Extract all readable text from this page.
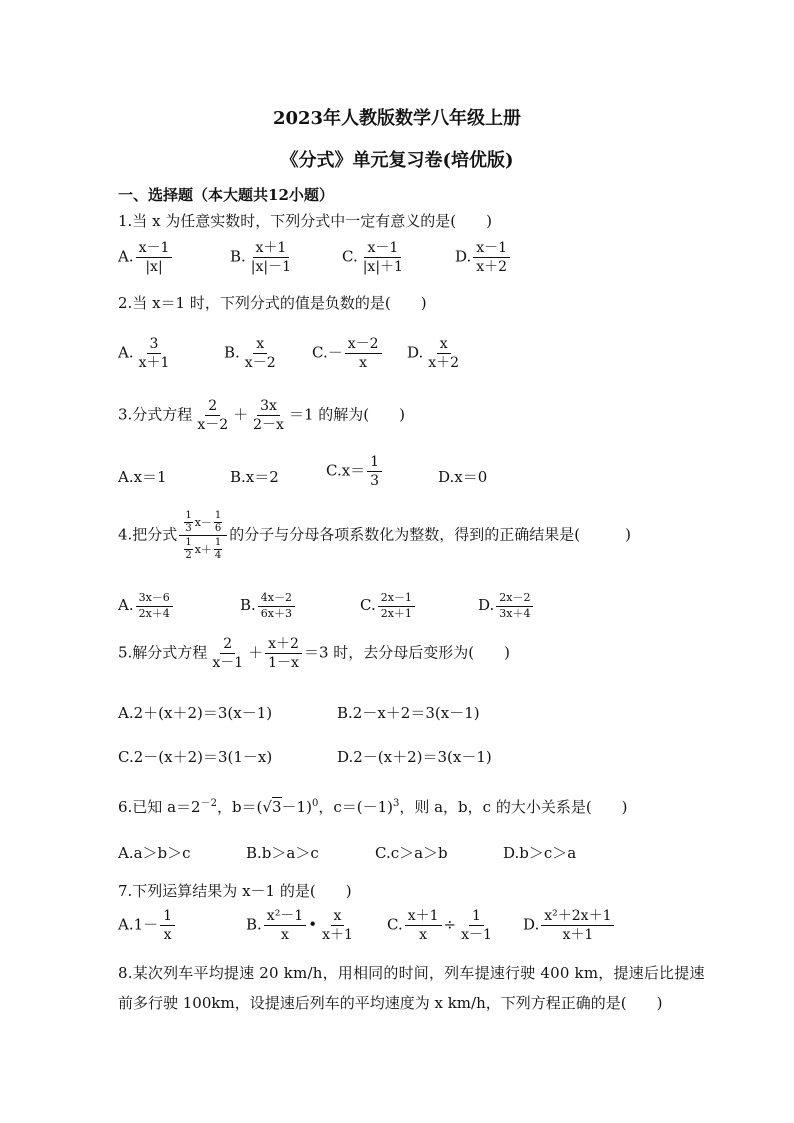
2023年人教版数学八年级上册
《分式》单元复习卷(培优版)
一、选择题（本大题共12小题）
1.当 x 为任意实数时，下列分式中一定有意义的是(　　)
A. $\frac{x-1}{|x|}$	B. $\frac{x+1}{|x|-1}$	C. $\frac{x-1}{|x|+1}$	D. $\frac{x-1}{x+2}$
2.当 x＝1 时，下列分式的值是负数的是(　　)
A. $\frac{3}{x+1}$	B. $\frac{x}{x-2} C.- \frac{x-2}{x} D$. $\frac{x}{x+2}$
3.分式方程 $\frac{2}{x-2} + \frac{3x}{2-x} =1$ 的解为(　　)
A.x＝1	B.x＝2	$C.x= \frac{1}{3}$	D.x＝0
4.把分式 $\frac{\frac{1}{3} x- \frac{1}{6}}{\frac{1}{2} x+ \frac{1}{4}}$ 的分子与分母各项系数化为整数，得到的正确结果是(　　　)
A. $\frac{3x-6}{2x+4}$	B. $\frac{4x-2}{6x+3}$	C. $\frac{2x-1}{2x+1}$	D. $\frac{2x-2}{3x+4}$
5.解分式方程 $\frac{2}{x-1} + \frac{x+2}{1-x} =3$ 时，去分母后变形为(　　)
A.2＋(x＋2)＝3(x－1)	B.2－x＋2＝3(x－1)
C.2－(x＋2)＝3(1－x)	D.2－(x＋2)＝3(x－1)
6.已知 $a=2^{-2}$，$b=(√3-1)^0$，$c=(-1)^3$，则 a，b，c 的大小关系是(　　)
A.a＞b＞c	B.b＞a＞c	C.c＞a＞b	D.b＞c＞a
7.下列运算结果为 x－1 的是(　　)
$A.1- \frac{1}{x}$	B. $\frac{\text{x²－1}}{x}$ • $\frac{x}{x+1} C$. $\frac{x+1}{x} \div \frac{1}{x-1} D$. $\frac{\text{x²＋2x＋1}}{x+1}$
8.某次列车平均提速 20 km/h，用相同的时间，列车提速行驶 400 km，提速后比提速
前多行驶 100km，设提速后列车的平均速度为 x km/h，下列方程正确的是(　　)
